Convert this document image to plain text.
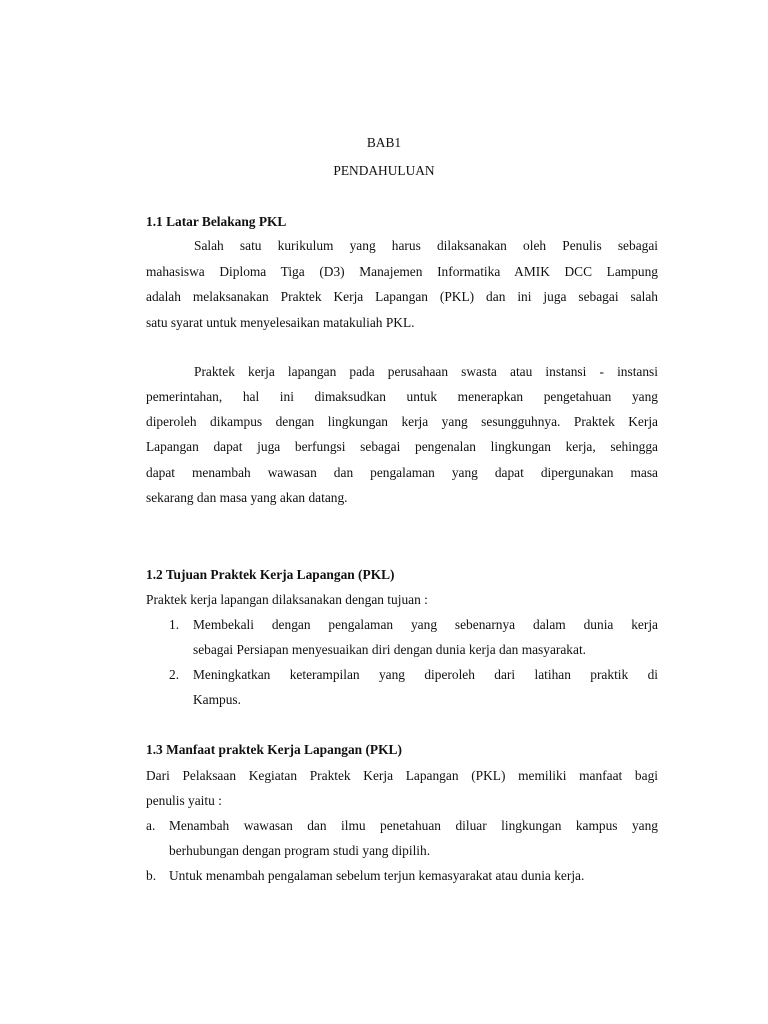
BAB1
PENDAHULUAN
1.1 Latar Belakang PKL
Salah satu kurikulum yang harus dilaksanakan oleh Penulis sebagai
mahasiswa Diploma Tiga (D3) Manajemen Informatika AMIK DCC Lampung
adalah melaksanakan Praktek Kerja Lapangan (PKL) dan ini juga sebagai salah
satu syarat untuk menyelesaikan matakuliah PKL.
Praktek kerja lapangan pada perusahaan swasta atau instansi - instansi
pemerintahan, hal ini dimaksudkan untuk menerapkan pengetahuan yang
diperoleh dikampus dengan lingkungan kerja yang sesungguhnya. Praktek Kerja
Lapangan dapat juga berfungsi sebagai pengenalan lingkungan kerja, sehingga
dapat menambah wawasan dan pengalaman yang dapat dipergunakan masa
sekarang dan masa yang akan datang.
1.2 Tujuan Praktek Kerja Lapangan (PKL)
Praktek kerja lapangan dilaksanakan dengan tujuan :
1. Membekali dengan pengalaman yang sebenarnya dalam dunia kerja
sebagai Persiapan menyesuaikan diri dengan dunia kerja dan masyarakat.
2. Meningkatkan keterampilan yang diperoleh dari latihan praktik di
Kampus.
1.3 Manfaat praktek Kerja Lapangan (PKL)
Dari Pelaksaan Kegiatan Praktek Kerja Lapangan (PKL) memiliki manfaat bagi
penulis yaitu :
a. Menambah wawasan dan ilmu penetahuan diluar lingkungan kampus yang
berhubungan dengan program studi yang dipilih.
b. Untuk menambah pengalaman sebelum terjun kemasyarakat atau dunia kerja.
